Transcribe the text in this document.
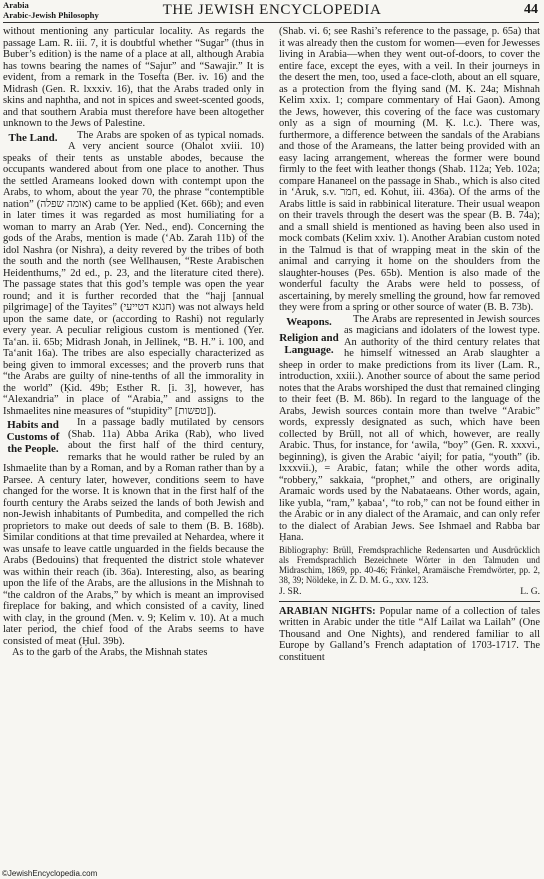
Arabia
Arabic-Jewish Philosophy	THE JEWISH ENCYCLOPEDIA	44

without mentioning any particular locality. As regards the passage Lam. R. iii. 7, it is doubtful whether “Sugar” (thus in Buber’s edition) is the name of a place at all, although Arabia has towns bearing the names of “Sajur” and “Sawajir.” It is evident, from a remark in the Tosefta (Ber. iv. 16) and the Midrash (Gen. R. lxxxiv. 16), that the Arabs traded only in skins and naphtha, and not in spices and sweet-scented goods, and that southern Arabia must therefore have been altogether unknown to the Jews of Palestine.

The Land.	The Arabs are spoken of as typical nomads. A very ancient source (Ohalot xviii. 10) speaks of their tents as unstable abodes, because the occupants wandered about from one place to another. Thus the settled Arameans looked down with contempt upon the Arabs, to whom, about the year 70, the phrase “contemptible nation” (אומה שפלה) came to be applied (Ket. 66b); and even in later times it was regarded as most humiliating for a woman to marry an Arab (Yer. Ned., end). Concerning the gods of the Arabs, mention is made (‘Ab. Zarah 11b) of the idol Nashra (or Nishra), a deity revered by the tribes of both the south and the north (see Wellhausen, “Reste Arabischen Heidenthums,” 2d ed., p. 23, and the literature cited there). The passage states that this god’s temple was open the year round; and it is further recorded that the “hajj [annual pilgrimage] of the Tayites” (חגגא דטייעי) was not always held upon the same date, or (according to Rashi) not regularly every year. A peculiar religious custom is mentioned (Yer. Ta‘an. ii. 65b; Midrash Jonah, in Jellinek, “B. H.” i. 100, and Ta‘anit 16a). The tribes are also especially characterized as being given to immoral excesses; and the proverb runs that “the Arabs are guilty of nine-tenths of all the immorality in the world” (Ḳid. 49b; Esther R. [i. 3], however, has “Alexandria” in place of “Arabia,” and assigns to the Ishmaelites nine measures of “stupidity” [טפשות]).

Habits and Customs of the People.

In a passage badly mutilated by censors (Shab. 11a) Abba Arika (Rab), who lived about the first half of the third century, remarks that he would rather be ruled by an Ishmaelite than by a Roman, and by a Roman rather than by a Parsee. A century later, however, conditions seem to have changed for the worse. It is known that in the first half of the fourth century the Arabs seized the lands of both Jewish and non-Jewish inhabitants of Pumbedita, and compelled the rich proprietors to make out deeds of sale to them (B. B. 168b). Similar conditions at that time prevailed at Nehardea, where it was unsafe to leave cattle unguarded in the fields because the Arabs (Bedouins) that frequented the district stole whatever was within their reach (ib. 36a). Interesting, also, as bearing upon the life of the Arabs, are the allusions in the Mishnah to “the caldron of the Arabs,” by which is meant an improvised fireplace for baking, and which consisted of a cavity, lined with clay, in the ground (Men. v. 9; Kelim v. 10). At a much later period, the chief food of the Arabs seems to have consisted of meat (Ḥul. 39b).

As to the garb of the Arabs, the Mishnah states

(Shab. vi. 6; see Rashi’s reference to the passage, p. 65a) that it was already then the custom for women—even for Jewesses living in Arabia—when they went out-of-doors, to cover the entire face, except the eyes, with a veil. In their journeys in the desert the men, too, used a face-cloth, about an ell square, as a protection from the flying sand (M. Ḳ. 24a; Mishnah Kelim xxix. 1; compare commentary of Hai Gaon). Among the Jews, however, this covering of the face was customary only as a sign of mourning (M. Ḳ. l.c.). There was, furthermore, a difference between the sandals of the Arabians and those of the Arameans, the latter being provided with an easy lacing arrangement, whereas the former were bound firmly to the feet with leather thongs (Shab. 112a; Yeb. 102a; compare Hananeel on the passage in Shab., which is also cited in ‘Aruk, s.v. חמר, ed. Kohut, iii. 436a). Of the arms of the Arabs little is said in rabbinical literature. Their usual weapon on their travels through the desert was the spear (B. B. 74a); and a small shield is mentioned as having been also used in mock combats (Kelim xxiv. 1). Another Arabian custom noted in the Talmud is that of wrapping meat in the skin of the animal and carrying it home on the shoulders from the slaughter-houses (Pes. 65b). Mention is also made of the wonderful faculty the Arabs were held to possess, of ascertaining, by merely smelling the ground, how far removed they were from a spring or other source of water (B. B. 73b).

Weapons.
Religion and Language.

The Arabs are represented in Jewish sources as magicians and idolaters of the lowest type. An authority of the third century relates that he himself witnessed an Arab slaughter a sheep in order to make predictions from its liver (Lam. R., introduction, xxiii.). Another source of about the same period notes that the Arabs worshiped the dust that remained clinging to their feet (B. M. 86b). In regard to the language of the Arabs, Jewish sources contain more than twelve “Arabic” words, expressly designated as such, which have been collected by Brüll, not all of which, however, are really Arabic. Thus, for instance, for ‘awila, “boy” (Gen. R. xxxvi., beginning), is given the Arabic ‘aiyil; for patia, “youth” (ib. lxxxvii.), = Arabic, fatan; while the other words adita, “robbery,” sakkaia, “prophet,” and others, are originally Aramaic words used by the Nabataeans. Other words, again, like yubla, “ram,” ḳabaa‘, “to rob,” can not be found either in the Arabic or in any dialect of the Aramaic, and can only refer to the dialect of Arabian Jews. See Ishmael and Rabba bar Ḥana.

Bibliography: Brüll, Fremdsprachliche Redensarten und Ausdrücklich als Fremdsprachlich Bezeichnete Wörter in den Talmuden und Midraschim, 1869, pp. 40-46; Fränkel, Aramäische Fremdwörter, pp. 2, 38, 39; Nöldeke, in Z. D. M. G., xxv. 123.

J. SR.	L. G.

ARABIAN NIGHTS: Popular name of a collection of tales written in Arabic under the title “Alf Lailat wa Lailah” (One Thousand and One Nights), and rendered familiar to all Europe by Galland’s French adaptation of 1703-1717. The constituent

©JewishEncyclopedia.com
